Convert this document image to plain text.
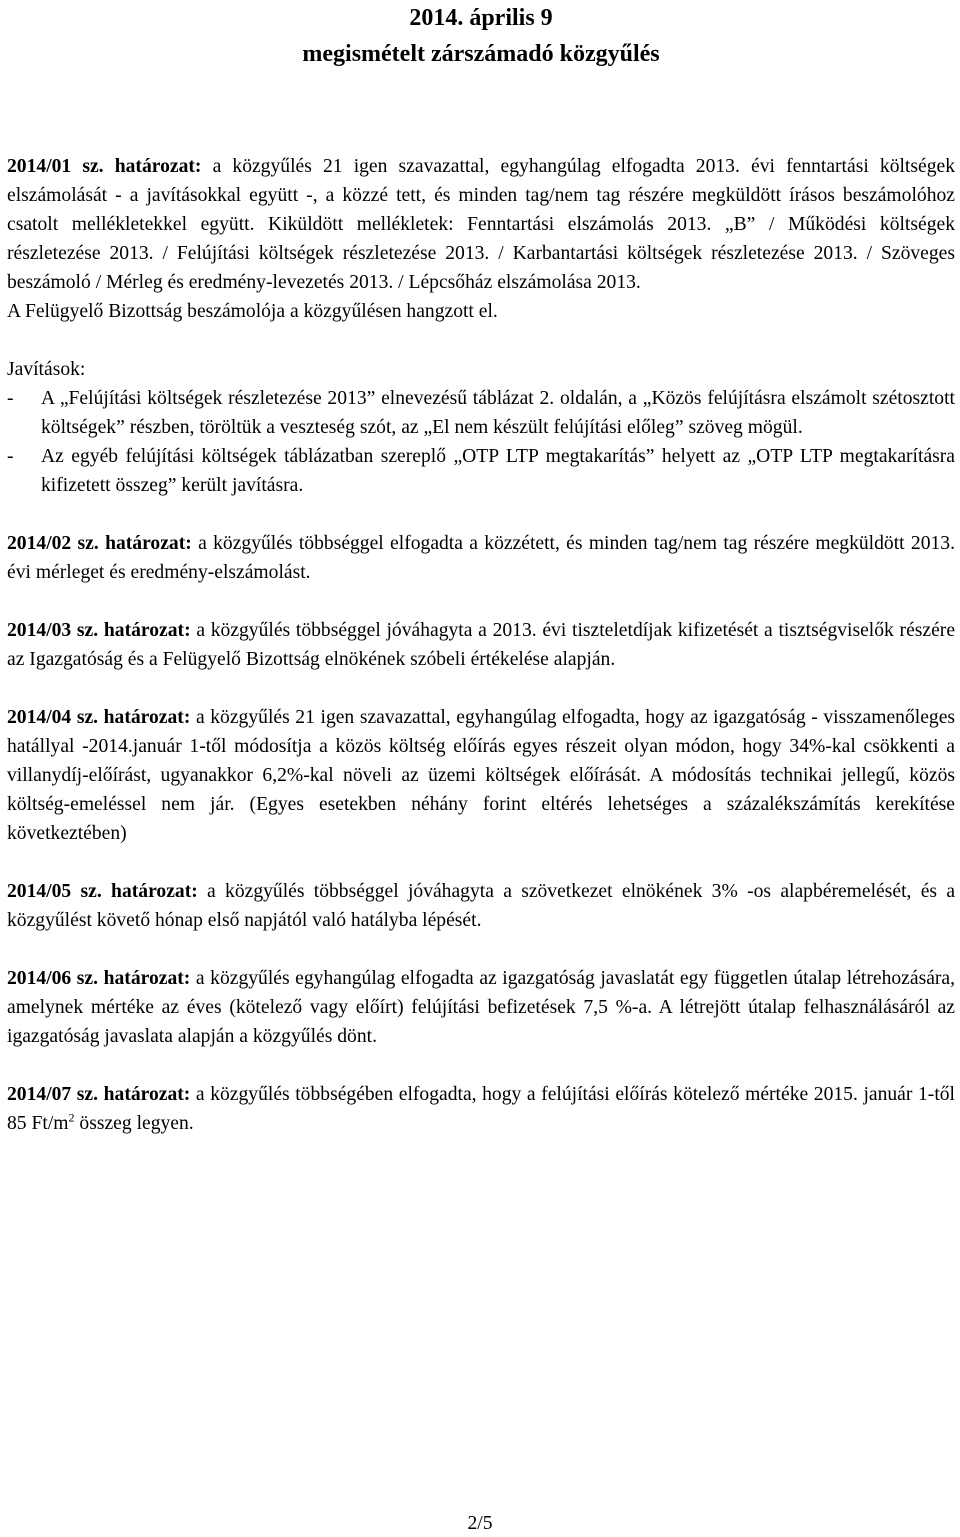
2014. április 9
megismételt zárszámadó közgyűlés

2014/01 sz. határozat: a közgyűlés 21 igen szavazattal, egyhangúlag elfogadta 2013. évi fenntartási költségek elszámolását - a javításokkal együtt -, a közzé tett, és minden tag/nem tag részére megküldött írásos beszámolóhoz csatolt mellékletekkel együtt. Kiküldött mellékletek: Fenntartási elszámolás 2013. „B” / Működési költségek részletezése 2013. / Felújítási költségek részletezése 2013. / Karbantartási költségek részletezése 2013. / Szöveges beszámoló / Mérleg és eredmény-levezetés 2013. / Lépcsőház elszámolása 2013.

A Felügyelő Bizottság beszámolója a közgyűlésen hangzott el.

Javítások:

-	A „Felújítási költségek részletezése 2013” elnevezésű táblázat 2. oldalán, a „Közös felújításra elszámolt szétosztott költségek” részben, töröltük a veszteség szót, az „El nem készült felújítási előleg” szöveg mögül.
-	Az egyéb felújítási költségek táblázatban szereplő „OTP LTP megtakarítás” helyett az „OTP LTP megtakarításra kifizetett összeg” került javításra.

2014/02 sz. határozat: a közgyűlés többséggel elfogadta a közzétett, és minden tag/nem tag részére megküldött 2013. évi mérleget és eredmény-elszámolást.

2014/03 sz. határozat: a közgyűlés többséggel jóváhagyta a 2013. évi tiszteletdíjak kifizetését a tisztségviselők részére az Igazgatóság és a Felügyelő Bizottság elnökének szóbeli értékelése alapján.

2014/04 sz. határozat: a közgyűlés 21 igen szavazattal, egyhangúlag elfogadta, hogy az igazgatóság - visszamenőleges hatállyal -2014.január 1-től módosítja a közös költség előírás egyes részeit olyan módon, hogy 34%-kal csökkenti a villanydíj-előírást, ugyanakkor 6,2%-kal növeli az üzemi költségek előírását. A módosítás technikai jellegű, közös költség-emeléssel nem jár. (Egyes esetekben néhány forint eltérés lehetséges a százalékszámítás kerekítése következtében)

2014/05 sz. határozat: a közgyűlés többséggel jóváhagyta a szövetkezet elnökének 3% -os alapbéremelését, és a közgyűlést követő hónap első napjától való hatályba lépését.

2014/06 sz. határozat: a közgyűlés egyhangúlag elfogadta az igazgatóság javaslatát egy független útalap létrehozására, amelynek mértéke az éves (kötelező vagy előírt) felújítási befizetések 7,5 %-a. A létrejött útalap felhasználásáról az igazgatóság javaslata alapján a közgyűlés dönt.

2014/07 sz. határozat: a közgyűlés többségében elfogadta, hogy a felújítási előírás kötelező mértéke 2015. január 1-től 85 $Ft/m^2$ összeg legyen.

2/5
